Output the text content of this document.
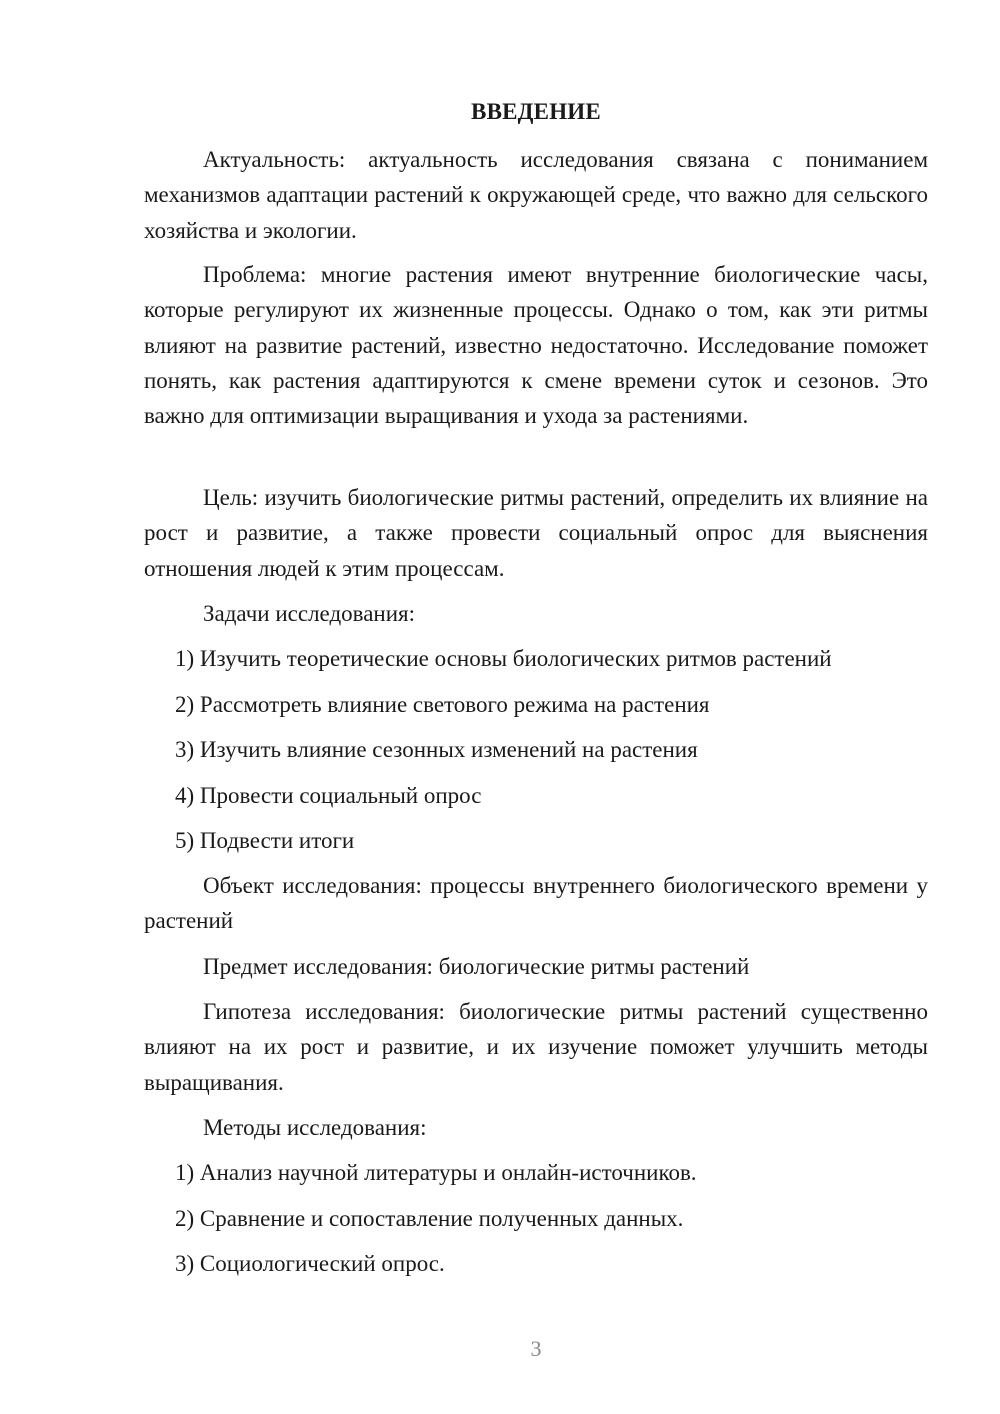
ВВЕДЕНИЕ

Актуальность: актуальность исследования связана с пониманием механизмов адаптации растений к окружающей среде, что важно для сельского хозяйства и экологии.

Проблема: многие растения имеют внутренние биологические часы, которые регулируют их жизненные процессы. Однако о том, как эти ритмы влияют на развитие растений, известно недостаточно. Исследование поможет понять, как растения адаптируются к смене времени суток и сезонов. Это важно для оптимизации выращивания и ухода за растениями.

Цель: изучить биологические ритмы растений, определить их влияние на рост и развитие, а также провести социальный опрос для выяснения отношения людей к этим процессам.

Задачи исследования:

1) Изучить теоретические основы биологических ритмов растений

2) Рассмотреть влияние светового режима на растения

3) Изучить влияние сезонных изменений на растения

4) Провести социальный опрос

5) Подвести итоги

Объект исследования: процессы внутреннего биологического времени у растений

Предмет исследования: биологические ритмы растений

Гипотеза исследования: биологические ритмы растений существенно влияют на их рост и развитие, и их изучение поможет улучшить методы выращивания.

Методы исследования:

1) Анализ научной литературы и онлайн-источников.

2) Сравнение и сопоставление полученных данных.

3) Социологический опрос.

3
